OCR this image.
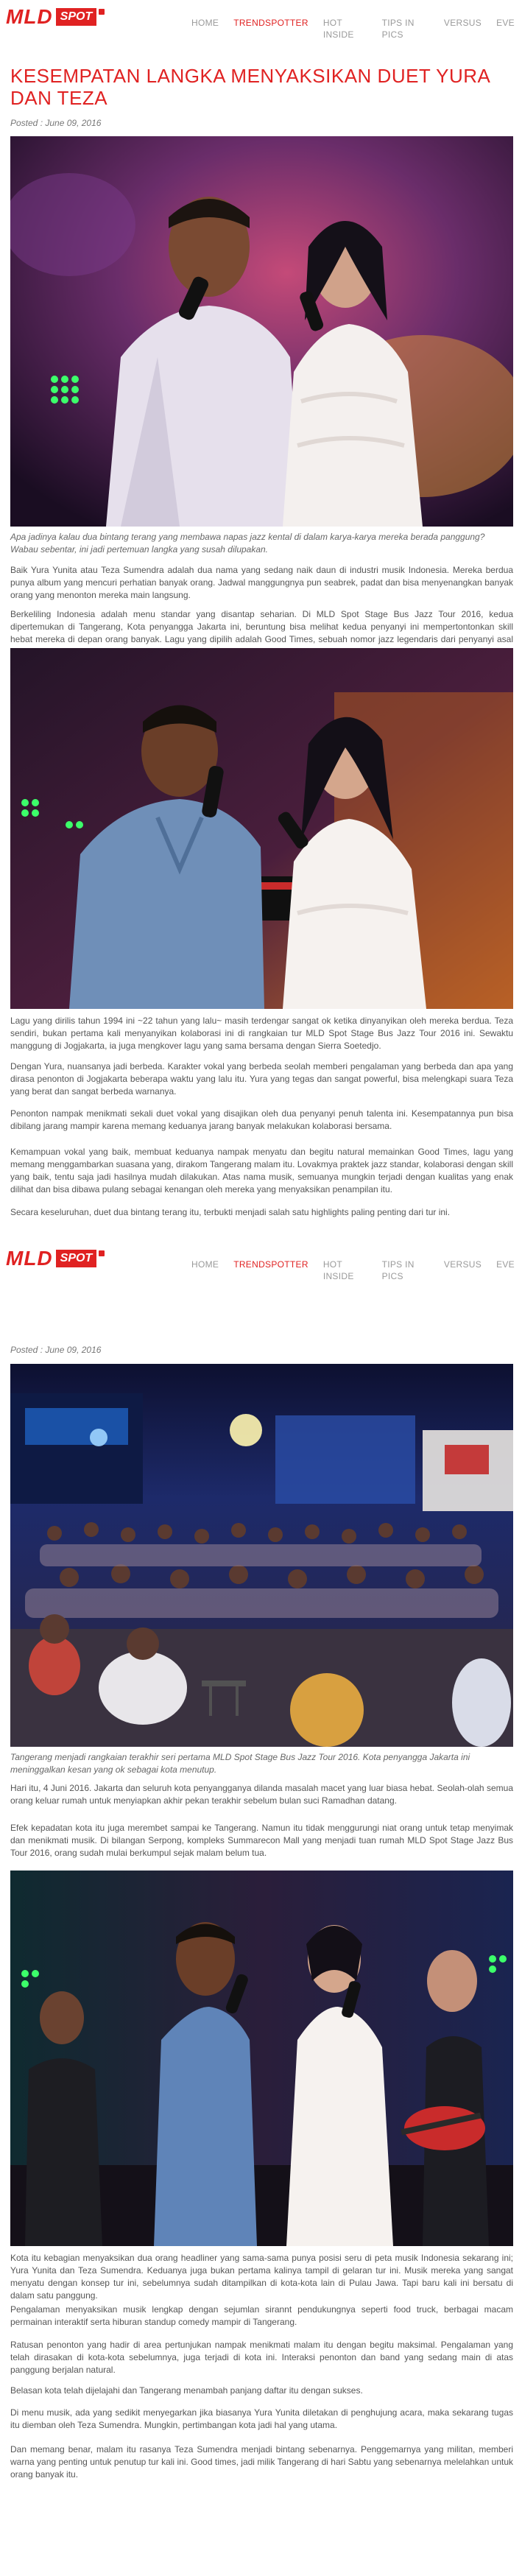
MLD SPOT	HOME	TRENDSPOTTER	HOT INSIDE
TIPS IN PICS
VERSUS	EVE
KESEMPATAN LANGKA MENYAKSIKAN DUET YURA DAN TEZA
Posted : June 09, 2016

Apa jadinya kalau dua bintang terang yang membawa napas jazz kental di dalam karya-karya mereka berada panggung? Wabau sebentar, ini jadi pertemuan langka yang susah dilupakan.

Baik Yura Yunita atau Teza Sumendra adalah dua nama yang sedang naik daun di industri musik Indonesia. Mereka berdua punya album yang mencuri perhatian banyak orang. Jadwal manggungnya pun seabrek, padat dan bisa menyenangkan banyak orang yang menonton mereka main langsung.

Berkeliling Indonesia adalah menu standar yang disantap seharian. Di MLD Spot Stage Bus Jazz Tour 2016, kedua dipertemukan di Tangerang, Kota penyangga Jakarta ini, beruntung bisa melihat kedua penyanyi ini mempertontonkan skill hebat mereka di depan orang banyak. Lagu yang dipilih adalah Good Times, sebuah nomor jazz legendaris dari penyanyi asal

Lagu yang dirilis tahun 1994 ini ~22 tahun yang lalu~ masih terdengar sangat ok ketika dinyanyikan oleh mereka berdua. Teza sendiri, bukan pertama kali menyanyikan kolaborasi ini di rangkaian tur MLD Spot Stage Bus Jazz Tour 2016 ini. Sewaktu manggung di Jogjakarta, ia juga mengkover lagu yang sama bersama dengan Sierra Soetedjo.

Dengan Yura, nuansanya jadi berbeda. Karakter vokal yang berbeda seolah memberi pengalaman yang berbeda dan apa yang dirasa penonton di Jogjakarta beberapa waktu yang lalu itu. Yura yang tegas dan sangat powerful, bisa melengkapi suara Teza yang berat dan sangat berbeda warnanya.

Penonton nampak menikmati sekali duet vokal yang disajikan oleh dua penyanyi penuh talenta ini. Kesempatannya pun bisa dibilang jarang mampir karena memang keduanya jarang banyak melakukan kolaborasi bersama.

Kemampuan vokal yang baik, membuat keduanya nampak menyatu dan begitu natural memainkan Good Times, lagu yang memang menggambarkan suasana yang, dirakom Tangerang malam itu. Lovakmya praktek jazz standar, kolaborasi dengan skill yang baik, tentu saja jadi hasilnya mudah dilakukan. Atas nama musik, semuanya mungkin terjadi dengan kualitas yang enak dilihat dan bisa dibawa pulang sebagai kenangan oleh mereka yang menyaksikan penampilan itu.

Secara keseluruhan, duet dua bintang terang itu, terbukti menjadi salah satu highlights paling penting dari tur ini.

MLD SPOT	HOME	TRENDSPOTTER	HOT INSIDE
TIPS IN PICS
VERSUS	EVE
Posted : June 09, 2016

Tangerang menjadi rangkaian terakhir seri pertama MLD Spot Stage Bus Jazz Tour 2016. Kota penyangga Jakarta ini meninggalkan kesan yang ok sebagai kota menutup.

Hari itu, 4 Juni 2016. Jakarta dan seluruh kota penyangganya dilanda masalah macet yang luar biasa hebat. Seolah-olah semua orang keluar rumah untuk menyiapkan akhir pekan terakhir sebelum bulan suci Ramadhan datang.

Efek kepadatan kota itu juga merembet sampai ke Tangerang. Namun itu tidak menggurungi niat orang untuk tetap menyimak dan menikmati musik. Di bilangan Serpong, kompleks Summarecon Mall yang menjadi tuan rumah MLD Spot Stage Jazz Bus Tour 2016, orang sudah mulai berkumpul sejak malam belum tua.

Kota itu kebagian menyaksikan dua orang headliner yang sama-sama punya posisi seru di peta musik Indonesia sekarang ini; Yura Yunita dan Teza Sumendra. Keduanya juga bukan pertama kalinya tampil di gelaran tur ini. Musik mereka yang sangat menyatu dengan konsep tur ini, sebelumnya sudah ditampilkan di kota-kota lain di Pulau Jawa. Tapi baru kali ini bersatu di dalam satu panggung.

Pengalaman menyaksikan musik lengkap dengan sejumlan sirannt pendukungnya seperti food truck, berbagai macam permainan interaktif serta hiburan standup comedy mampir di Tangerang.

Ratusan penonton yang hadir di area pertunjukan nampak menikmati malam itu dengan begitu maksimal. Pengalaman yang telah dirasakan di kota-kota sebelumnya, juga terjadi di kota ini. Interaksi penonton dan band yang sedang main di atas panggung berjalan natural.

Belasan kota telah dijelajahi dan Tangerang menambah panjang daftar itu dengan sukses.

Di menu musik, ada yang sedikit menyegarkan jika biasanya Yura Yunita diletakan di penghujung acara, maka sekarang tugas itu diemban oleh Teza Sumendra. Mungkin, pertimbangan kota jadi hal yang utama.

Dan memang benar, malam itu rasanya Teza Sumendra menjadi bintang sebenarnya. Penggemarnya yang militan, memberi warna yang penting untuk penutup tur kali ini. Good times, jadi milik Tangerang di hari Sabtu yang sebenarnya melelahkan untuk orang banyak itu.
